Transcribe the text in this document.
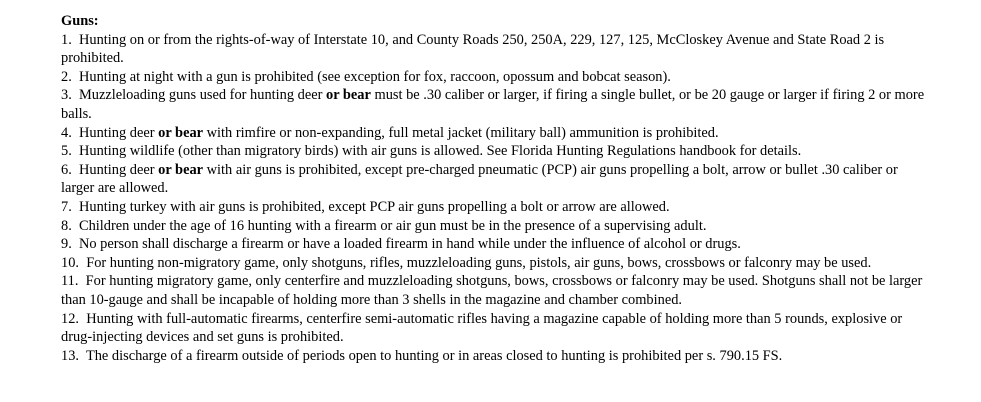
Guns:
1. Hunting on or from the rights-of-way of Interstate 10, and County Roads 250, 250A, 229, 127, 125, McCloskey Avenue and State Road 2 is prohibited.
2. Hunting at night with a gun is prohibited (see exception for fox, raccoon, opossum and bobcat season).
3. Muzzleloading guns used for hunting deer or bear must be .30 caliber or larger, if firing a single bullet, or be 20 gauge or larger if firing 2 or more balls.
4. Hunting deer or bear with rimfire or non-expanding, full metal jacket (military ball) ammunition is prohibited.
5. Hunting wildlife (other than migratory birds) with air guns is allowed. See Florida Hunting Regulations handbook for details.
6. Hunting deer or bear with air guns is prohibited, except pre-charged pneumatic (PCP) air guns propelling a bolt, arrow or bullet .30 caliber or larger are allowed.
7. Hunting turkey with air guns is prohibited, except PCP air guns propelling a bolt or arrow are allowed.
8. Children under the age of 16 hunting with a firearm or air gun must be in the presence of a supervising adult.
9. No person shall discharge a firearm or have a loaded firearm in hand while under the influence of alcohol or drugs.
10. For hunting non-migratory game, only shotguns, rifles, muzzleloading guns, pistols, air guns, bows, crossbows or falconry may be used.
11. For hunting migratory game, only centerfire and muzzleloading shotguns, bows, crossbows or falconry may be used. Shotguns shall not be larger than 10-gauge and shall be incapable of holding more than 3 shells in the magazine and chamber combined.
12. Hunting with full-automatic firearms, centerfire semi-automatic rifles having a magazine capable of holding more than 5 rounds, explosive or drug-injecting devices and set guns is prohibited.
13. The discharge of a firearm outside of periods open to hunting or in areas closed to hunting is prohibited per s. 790.15 FS.
